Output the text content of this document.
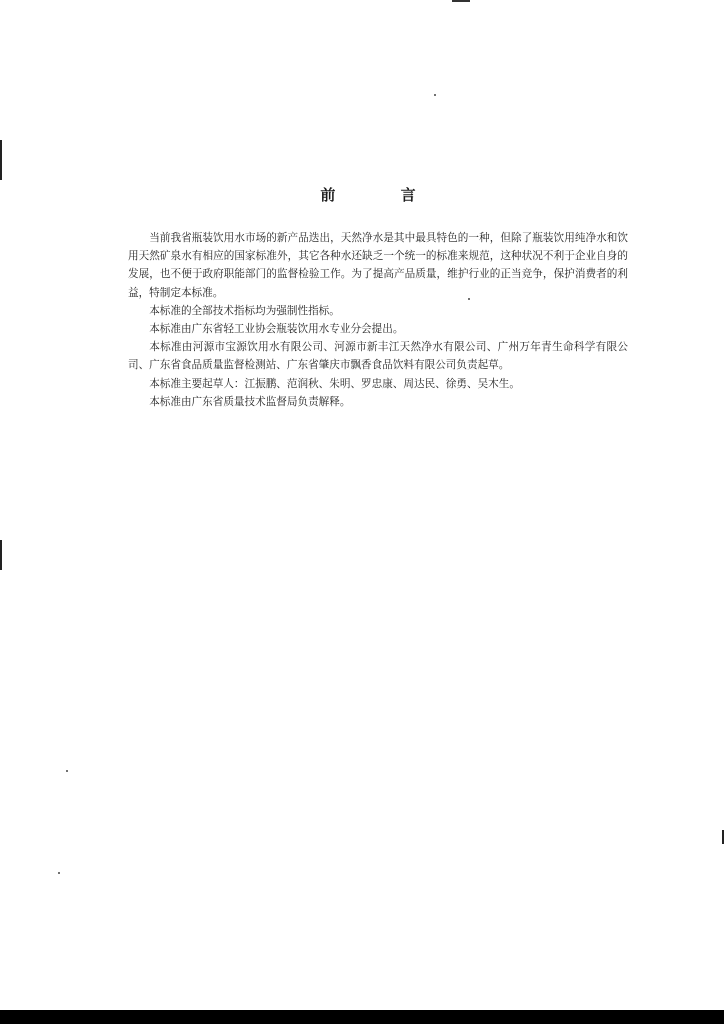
前 言

当前我省瓶装饮用水市场的新产品迭出，天然净水是其中最具特色的一种，但除了瓶装饮用纯净水和饮用天然矿泉水有相应的国家标准外，其它各种水还缺乏一个统一的标准来规范，这种状况不利于企业自身的发展，也不便于政府职能部门的监督检验工作。为了提高产品质量，维护行业的正当竞争，保护消费者的利益，特制定本标准。

本标准的全部技术指标均为强制性指标。

本标准由广东省轻工业协会瓶装饮用水专业分会提出。

本标准由河源市宝源饮用水有限公司、河源市新丰江天然净水有限公司、广州万年青生命科学有限公司、广东省食品质量监督检测站、广东省肇庆市飘香食品饮料有限公司负责起草。

本标准主要起草人：江振鹏、范润秋、朱明、罗忠康、周达民、徐勇、吴木生。

本标准由广东省质量技术监督局负责解释。
